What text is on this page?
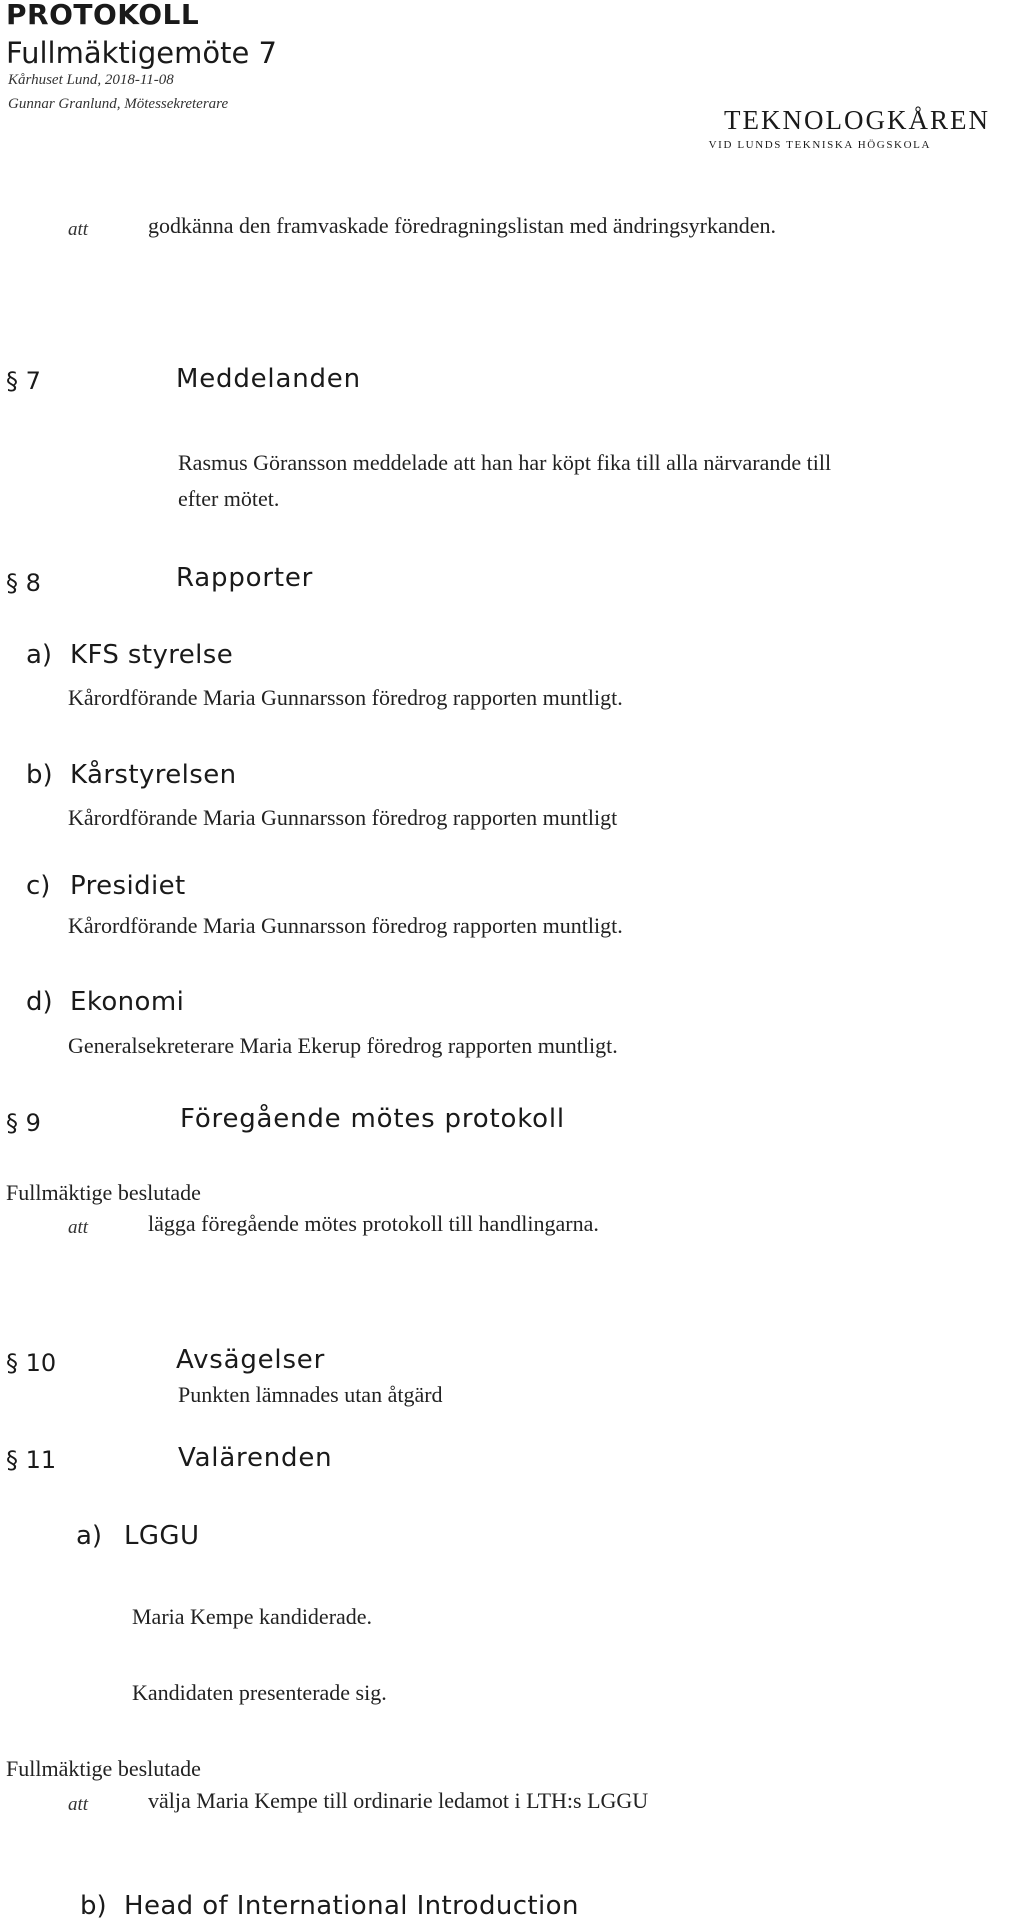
PROTOKOLL
Fullmäktigemöte 7
Kårhuset Lund, 2018-11-08
Gunnar Granlund, Mötessekreterare
TEKNOLOGKÅREN
VID LUNDS TEKNISKA HÖGSKOLA
att	godkänna den framvaskade föredragningslistan med ändringsyrkanden.
§ 7	Meddelanden
Rasmus Göransson meddelade att han har köpt fika till alla närvarande till
efter mötet.
§ 8	Rapporter
a) KFS styrelse
Kårordförande Maria Gunnarsson föredrog rapporten muntligt.
b) Kårstyrelsen
Kårordförande Maria Gunnarsson föredrog rapporten muntligt
c) Presidiet
Kårordförande Maria Gunnarsson föredrog rapporten muntligt.
d) Ekonomi
Generalsekreterare Maria Ekerup föredrog rapporten muntligt.
§ 9	Föregående mötes protokoll
Fullmäktige beslutade
att	lägga föregående mötes protokoll till handlingarna.
§ 10	Avsägelser
Punkten lämnades utan åtgärd
§ 11	Valärenden
a) LGGU
Maria Kempe kandiderade.
Kandidaten presenterade sig.
Fullmäktige beslutade
att	välja Maria Kempe till ordinarie ledamot i LTH:s LGGU
b) Head of International Introduction
